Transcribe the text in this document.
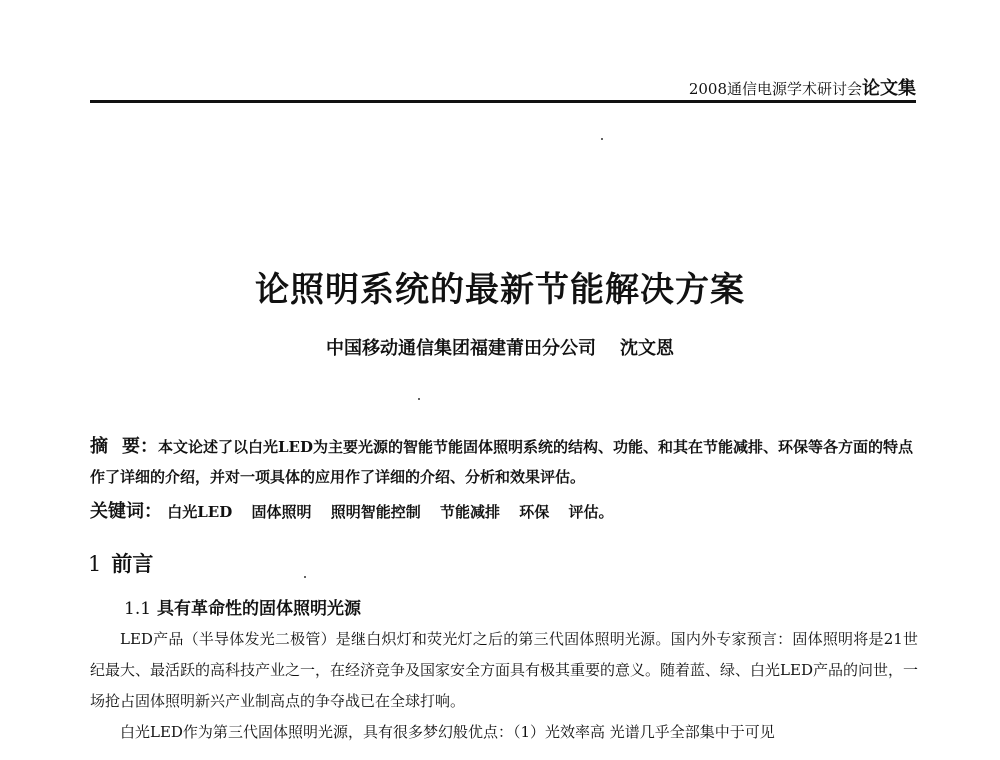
2008通信电源学术研讨会论文集
论照明系统的最新节能解决方案
中国移动通信集团福建莆田分公司 沈文恩
摘 要：本文论述了以白光LED为主要光源的智能节能固体照明系统的结构、功能、和其在节能减排、环保等各方面的特点作了详细的介绍，并对一项具体的应用作了详细的介绍、分析和效果评估。
关键词： 白光LED 固体照明 照明智能控制 节能减排 环保 评估。
1 前言
1.1 具有革命性的固体照明光源

LED产品（半导体发光二极管）是继白炽灯和荧光灯之后的第三代固体照明光源。国内外专家预言：固体照明将是21世纪最大、最活跃的高科技产业之一，在经济竞争及国家安全方面具有极其重要的意义。随着蓝、绿、白光LED产品的问世，一场抢占固体照明新兴产业制高点的争夺战已在全球打响。

白光LED作为第三代固体照明光源，具有很多梦幻般优点：（1）光效率高 光谱几乎全部集中于可见
